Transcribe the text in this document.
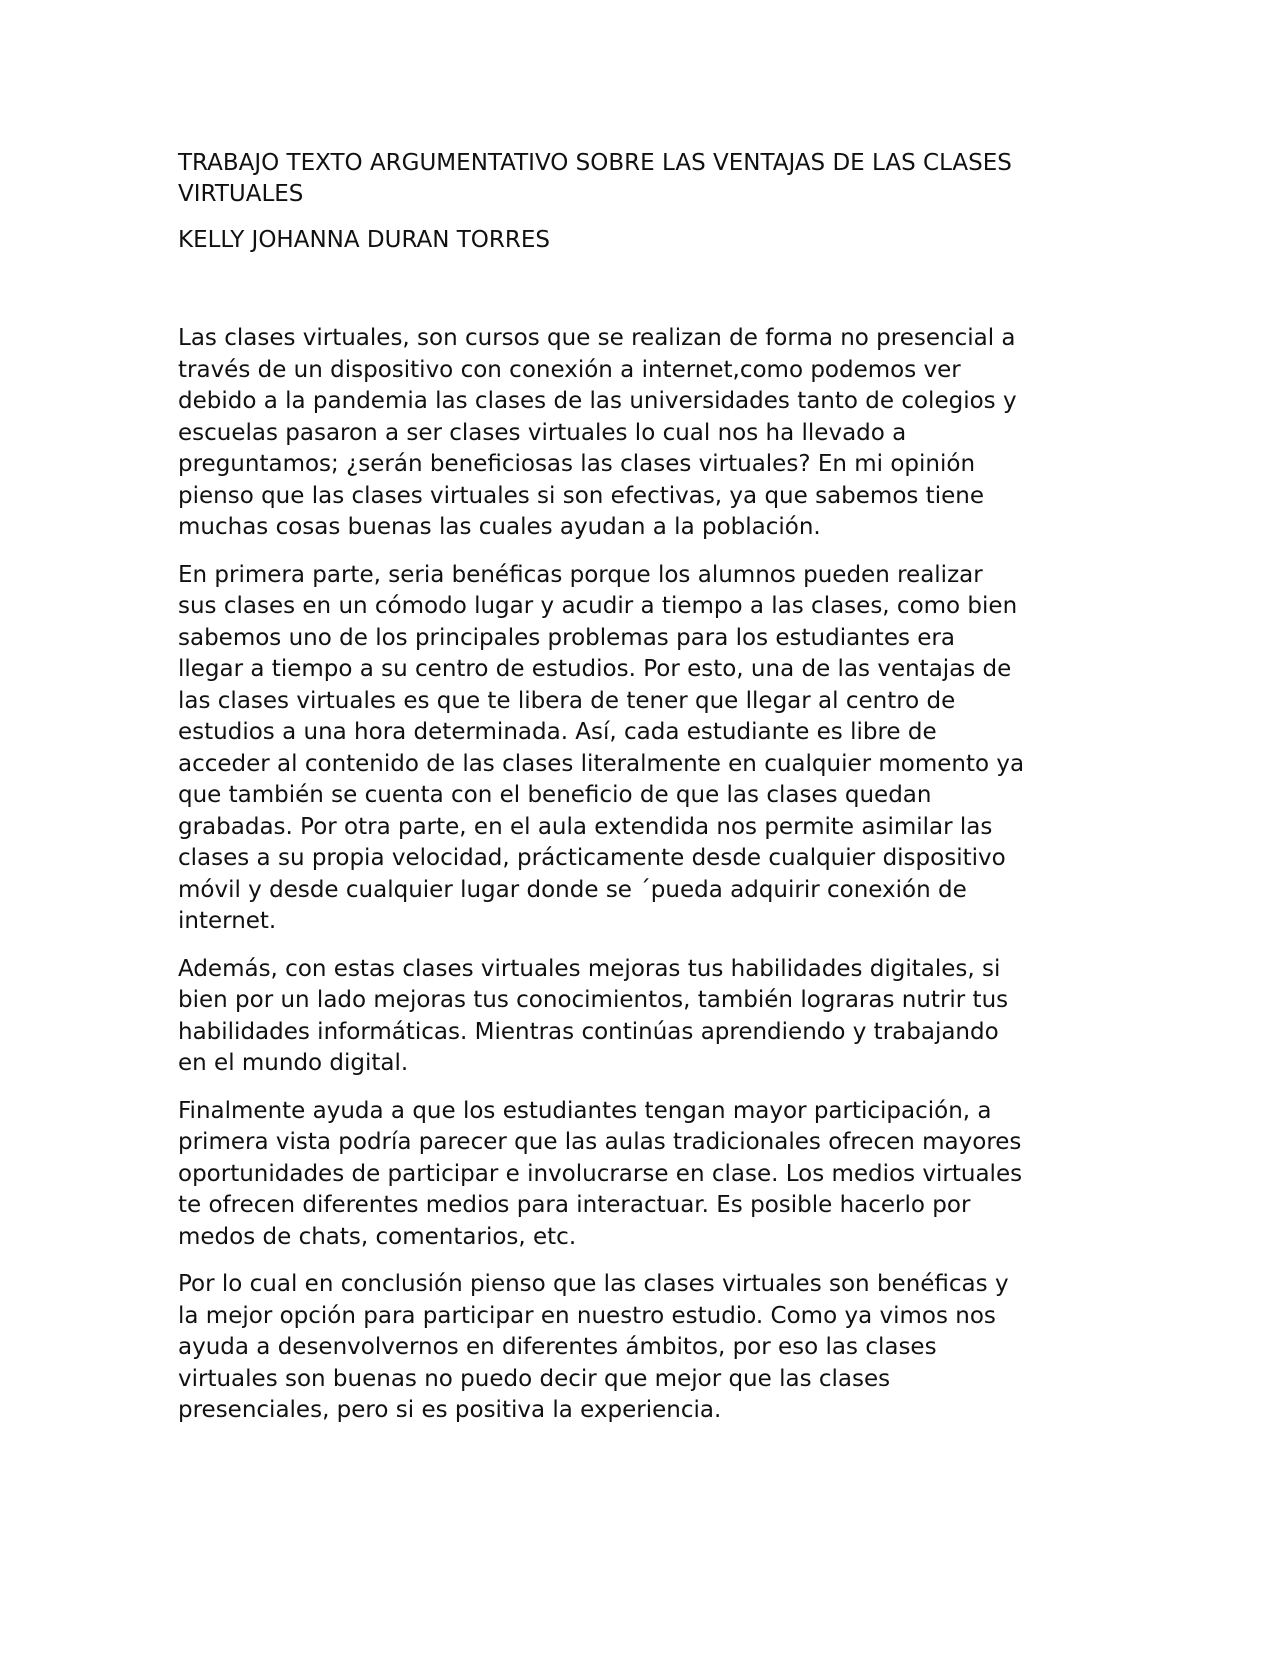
TRABAJO TEXTO ARGUMENTATIVO SOBRE LAS VENTAJAS DE LAS CLASES
VIRTUALES

KELLY JOHANNA DURAN TORRES

Las clases virtuales, son cursos que se realizan de forma no presencial a
través de un dispositivo con conexión a internet,como podemos ver
debido a la pandemia las clases de las universidades tanto de colegios y
escuelas pasaron a ser clases virtuales lo cual nos ha llevado a
preguntamos; ¿serán beneficiosas las clases virtuales? En mi opinión
pienso que las clases virtuales si son efectivas, ya que sabemos tiene
muchas cosas buenas las cuales ayudan a la población.

En primera parte, seria benéficas porque los alumnos pueden realizar
sus clases en un cómodo lugar y acudir a tiempo a las clases, como bien
sabemos uno de los principales problemas para los estudiantes era
llegar a tiempo a su centro de estudios. Por esto, una de las ventajas de
las clases virtuales es que te libera de tener que llegar al centro de
estudios a una hora determinada. Así, cada estudiante es libre de
acceder al contenido de las clases literalmente en cualquier momento ya
que también se cuenta con el beneficio de que las clases quedan
grabadas. Por otra parte, en el aula extendida nos permite asimilar las
clases a su propia velocidad, prácticamente desde cualquier dispositivo
móvil y desde cualquier lugar donde se ´pueda adquirir conexión de
internet.

Además, con estas clases virtuales mejoras tus habilidades digitales, si
bien por un lado mejoras tus conocimientos, también lograras nutrir tus
habilidades informáticas. Mientras continúas aprendiendo y trabajando
en el mundo digital.

Finalmente ayuda a que los estudiantes tengan mayor participación, a
primera vista podría parecer que las aulas tradicionales ofrecen mayores
oportunidades de participar e involucrarse en clase. Los medios virtuales
te ofrecen diferentes medios para interactuar. Es posible hacerlo por
medos de chats, comentarios, etc.

Por lo cual en conclusión pienso que las clases virtuales son benéficas y
la mejor opción para participar en nuestro estudio. Como ya vimos nos
ayuda a desenvolvernos en diferentes ámbitos, por eso las clases
virtuales son buenas no puedo decir que mejor que las clases
presenciales, pero si es positiva la experiencia.
